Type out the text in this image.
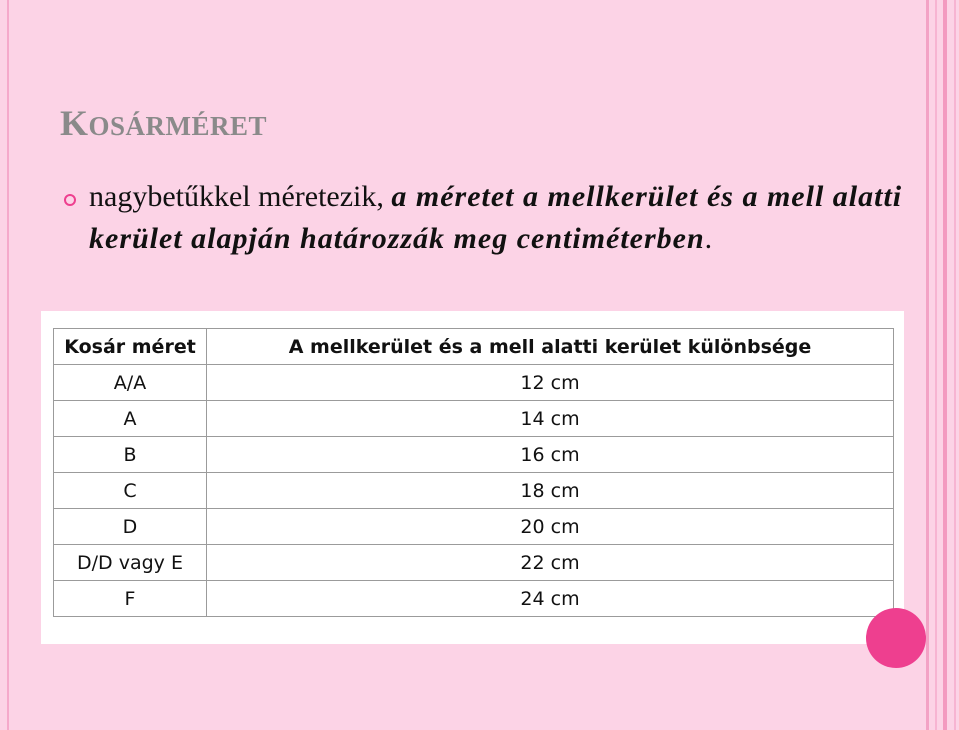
KOSÁRMÉRET
nagybetűkkel méretezik, a méretet a mellkerület és a mell alatti kerület alapján határozzák meg centiméterben.
Kosár méret	A mellkerület és a mell alatti kerület különbsége
A/A	12 cm
A	14 cm
B	16 cm
C	18 cm
D	20 cm
D/D vagy E	22 cm
F	24 cm
